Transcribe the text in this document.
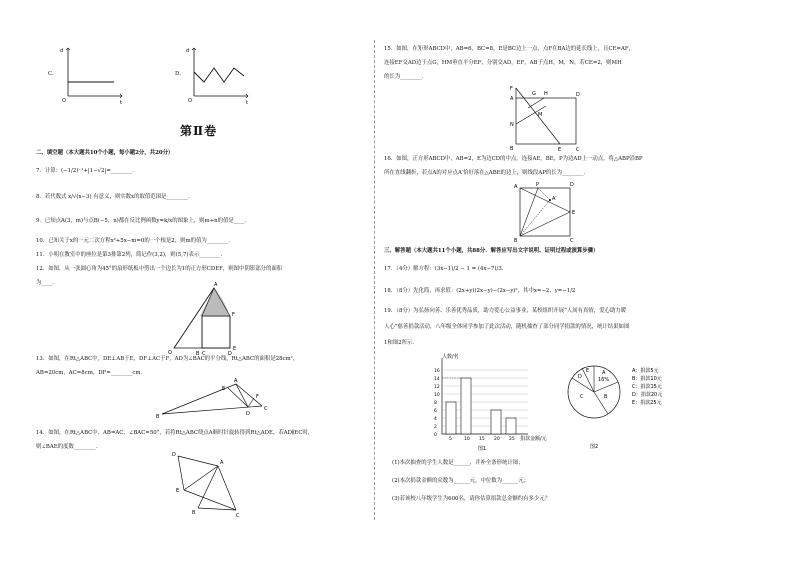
C．
d
t
O
D．
d
t
O
第Ⅱ卷
二、填空题（本大题共10个小题，每小题2分，共20分）
7．计算：(−1/2)⁻¹+|1−√2|=________．
8．若代数式 x/√(x−3) 有意义，则实数x的取值范围是________．
9．已知点A(3，m)与点B(−5，n)都在反比例函数y=k/x的图象上，则m+n的值是____．
10．已知关于x的一元二次方程x²+5x−m=0的一个根是2，则m的值为________．
11．小明在教室中的座位是第3排第2列，简记作(3,2)，则(5,7)表示________．
12．如图，从一张圆心角为45°的扇形纸板中剪出一个边长为1的正方形CDEF，则图中阴影部分的面积
为____．	A
O	B C	D
E
F
13．如图，在Rt△ABC中，DE⊥AB于E，DF⊥AC于F，AD为∠BAC的平分线，Rt△ABC的面积是28cm²，
AB=20cm，AC=8cm，DF=________cm．
A
B
C
D
E
F
14．如图，在Rt△ABC中，AB=AC，∠BAC=50°，若将Rt△ABC绕点A顺时针旋转得到Rt△ADE，若AD∥EC时，
则∠BAE的度数________．
D
A
E
B	C
15．如图，在矩形ABCD中，AB=6，BC=8，E是BC边上一点，点F在BA边的延长线上，且CE=AF，
连接EF交AD边于点G，HM垂直平分EF，分别交AD，EF，AB于点H，M，N，若CE=2，则MH
的长为________．
F
A
G H	D
M
N
B	E	C
16．如图，正方形ABCD中，AB=2，E为边CD的中点，连接AE，BE，P为边AD上一动点，将△ABP沿BP
所在直线翻折，若点A的对应点A′恰好落在△ABE的边上，则线段AP的长为________．
A	P	D
A′
E
B	C
三、解答题（本大题共11个小题，共88分．解答应写出文字说明、证明过程或演算步骤）
17．（4分）解方程：(3x−1)/2 − 1 = (4x−7)/3．
18．（8分）先化简，再求值：(2x+y)(2x−y)−(2x−y)²，其中x=−2，y=−1/2
19．（8分）为弘扬向善、乐善优秀品质，助力爱心公益事业，某校组织开展“人间有真情，爱心助力暖
人心”慈善捐款活动，八年级全体同学参加了此次活动，随机抽查了部分同学捐款的情况，统计结果如图
1和图2所示．
人数/名
捐款金额/元
图1
0
2
4
6
8
10
12
14
16
5	10 15 20 25
A
16%
B
C
D
E
图2
A：捐款5元
B：捐款10元
C：捐款15元
D：捐款20元
E：捐款25元
(1)本次抽查的学生人数是______，并补全条形统计图；
(2)本次捐款金额的众数为______元，中位数为______元；
(3)若该校八年级学生为600名，请你估算捐款总金额约有多少元？
